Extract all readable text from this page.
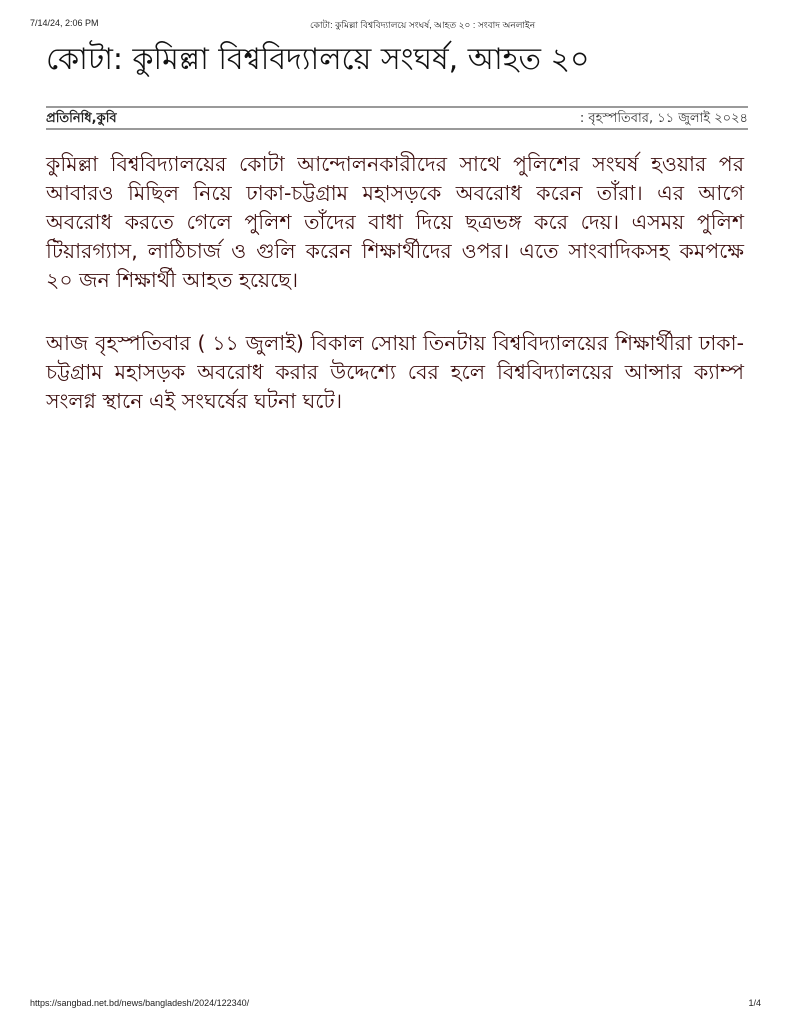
7/14/24, 2:06 PM	কোটা: কুমিল্লা বিশ্ববিদ্যালয়ে সংঘর্ষ, আহত ২০ : সংবাদ অনলাইন
কোটা: কুমিল্লা বিশ্ববিদ্যালয়ে সংঘর্ষ, আহত ২০
প্রতিনিধি,কুবি	: বৃহস্পতিবার, ১১ জুলাই ২০২৪

কুমিল্লা বিশ্ববিদ্যালয়ের কোটা আন্দোলনকারীদের সাথে পুলিশের সংঘর্ষ হওয়ার পর আবারও মিছিল নিয়ে ঢাকা-চট্টগ্রাম মহাসড়কে অবরোধ করেন তাঁরা। এর আগে অবরোধ করতে গেলে পুলিশ তাঁদের বাধা দিয়ে ছত্রভঙ্গ করে দেয়। এসময় পুলিশ টিয়ারগ্যাস, লাঠিচার্জ ও গুলি করেন শিক্ষার্থীদের ওপর। এতে সাংবাদিকসহ কমপক্ষে ২০ জন শিক্ষার্থী আহত হয়েছে।

আজ বৃহস্পতিবার ( ১১ জুলাই) বিকাল সোয়া তিনটায় বিশ্ববিদ্যালয়ের শিক্ষার্থীরা ঢাকা-চট্টগ্রাম মহাসড়ক অবরোধ করার উদ্দেশ্যে বের হলে বিশ্ববিদ্যালয়ের আন্সার ক্যাম্প সংলগ্ন স্থানে এই সংঘর্ষের ঘটনা ঘটে।

https://sangbad.net.bd/news/bangladesh/2024/122340/	1/4
